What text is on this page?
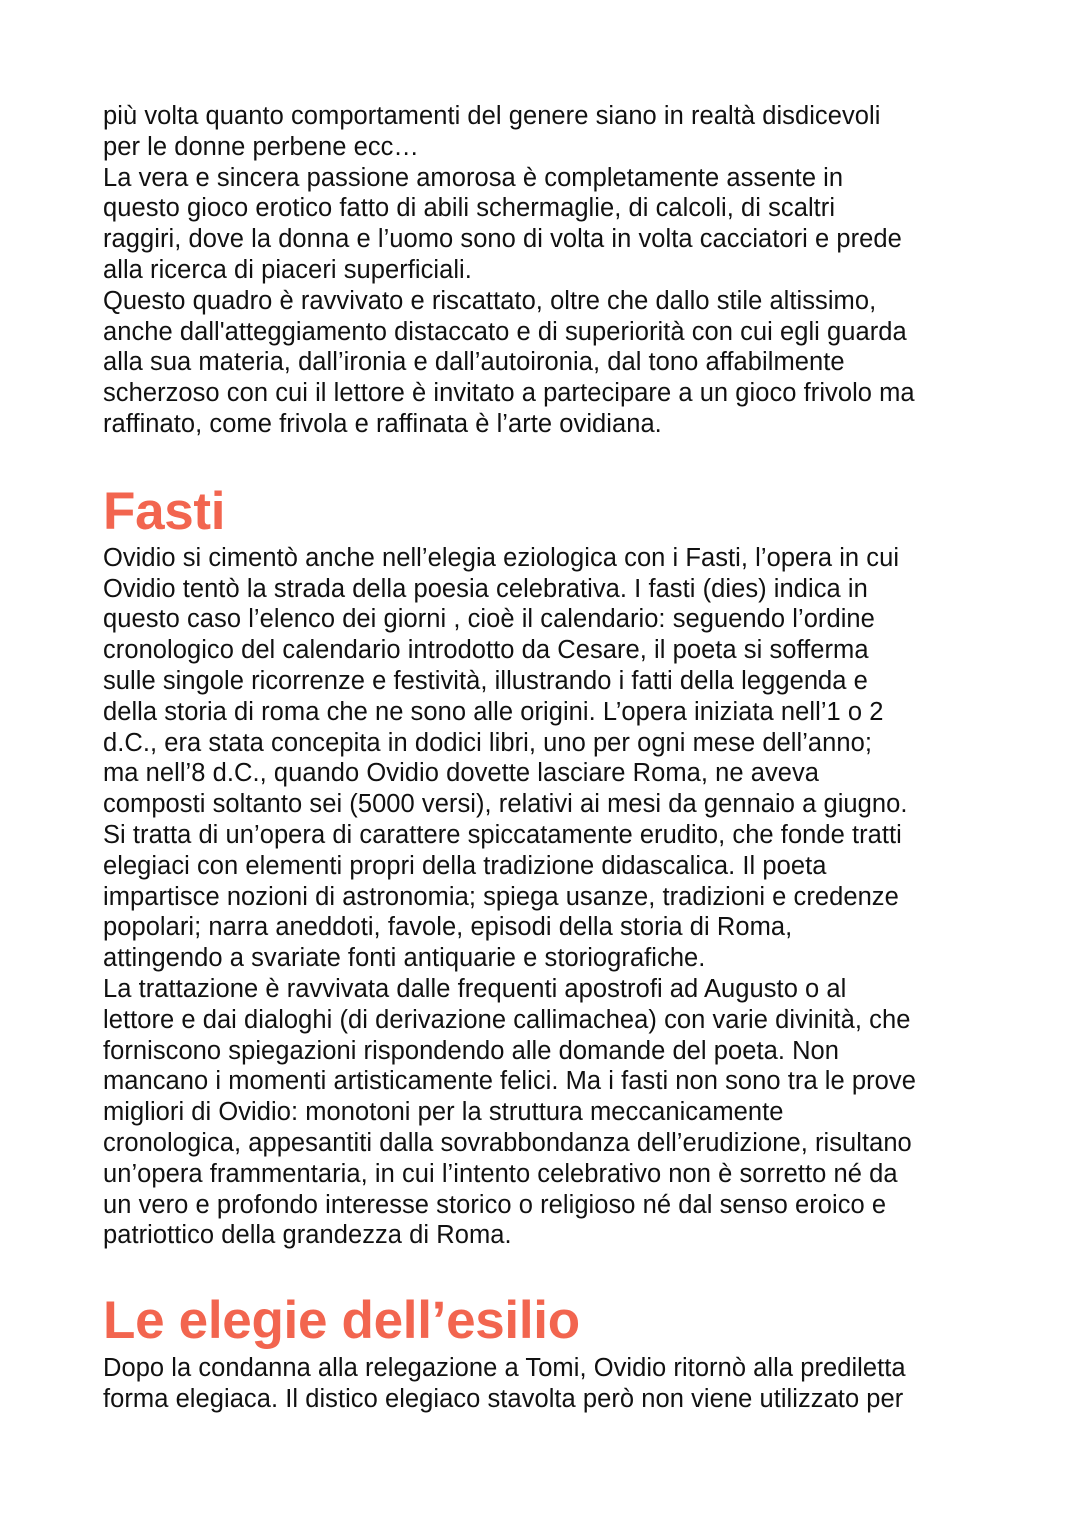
più volta quanto comportamenti del genere siano in realtà disdicevoli
per le donne perbene ecc…
La vera e sincera passione amorosa è completamente assente in
questo gioco erotico fatto di abili schermaglie, di calcoli, di scaltri
raggiri, dove la donna e l’uomo sono di volta in volta cacciatori e prede
alla ricerca di piaceri superficiali.
Questo quadro è ravvivato e riscattato, oltre che dallo stile altissimo,
anche dall'atteggiamento distaccato e di superiorità con cui egli guarda
alla sua materia, dall’ironia e dall’autoironia, dal tono affabilmente
scherzoso con cui il lettore è invitato a partecipare a un gioco frivolo ma
raffinato, come frivola e raffinata è l’arte ovidiana.
Fasti
Ovidio si cimentò anche nell’elegia eziologica con i Fasti, l’opera in cui
Ovidio tentò la strada della poesia celebrativa. I fasti (dies) indica in
questo caso l’elenco dei giorni , cioè il calendario: seguendo l’ordine
cronologico del calendario introdotto da Cesare, il poeta si sofferma
sulle singole ricorrenze e festività, illustrando i fatti della leggenda e
della storia di roma che ne sono alle origini. L’opera iniziata nell’1 o 2
d.C., era stata concepita in dodici libri, uno per ogni mese dell’anno;
ma nell’8 d.C., quando Ovidio dovette lasciare Roma, ne aveva
composti soltanto sei (5000 versi), relativi ai mesi da gennaio a giugno.
Si tratta di un’opera di carattere spiccatamente erudito, che fonde tratti
elegiaci con elementi propri della tradizione didascalica. Il poeta
impartisce nozioni di astronomia; spiega usanze, tradizioni e credenze
popolari; narra aneddoti, favole, episodi della storia di Roma,
attingendo a svariate fonti antiquarie e storiografiche.
La trattazione è ravvivata dalle frequenti apostrofi ad Augusto o al
lettore e dai dialoghi (di derivazione callimachea) con varie divinità, che
forniscono spiegazioni rispondendo alle domande del poeta. Non
mancano i momenti artisticamente felici. Ma i fasti non sono tra le prove
migliori di Ovidio: monotoni per la struttura meccanicamente
cronologica, appesantiti dalla sovrabbondanza dell’erudizione, risultano
un’opera frammentaria, in cui l’intento celebrativo non è sorretto né da
un vero e profondo interesse storico o religioso né dal senso eroico e
patriottico della grandezza di Roma.
Le elegie dell’esilio
Dopo la condanna alla relegazione a Tomi, Ovidio ritornò alla prediletta
forma elegiaca. Il distico elegiaco stavolta però non viene utilizzato per
